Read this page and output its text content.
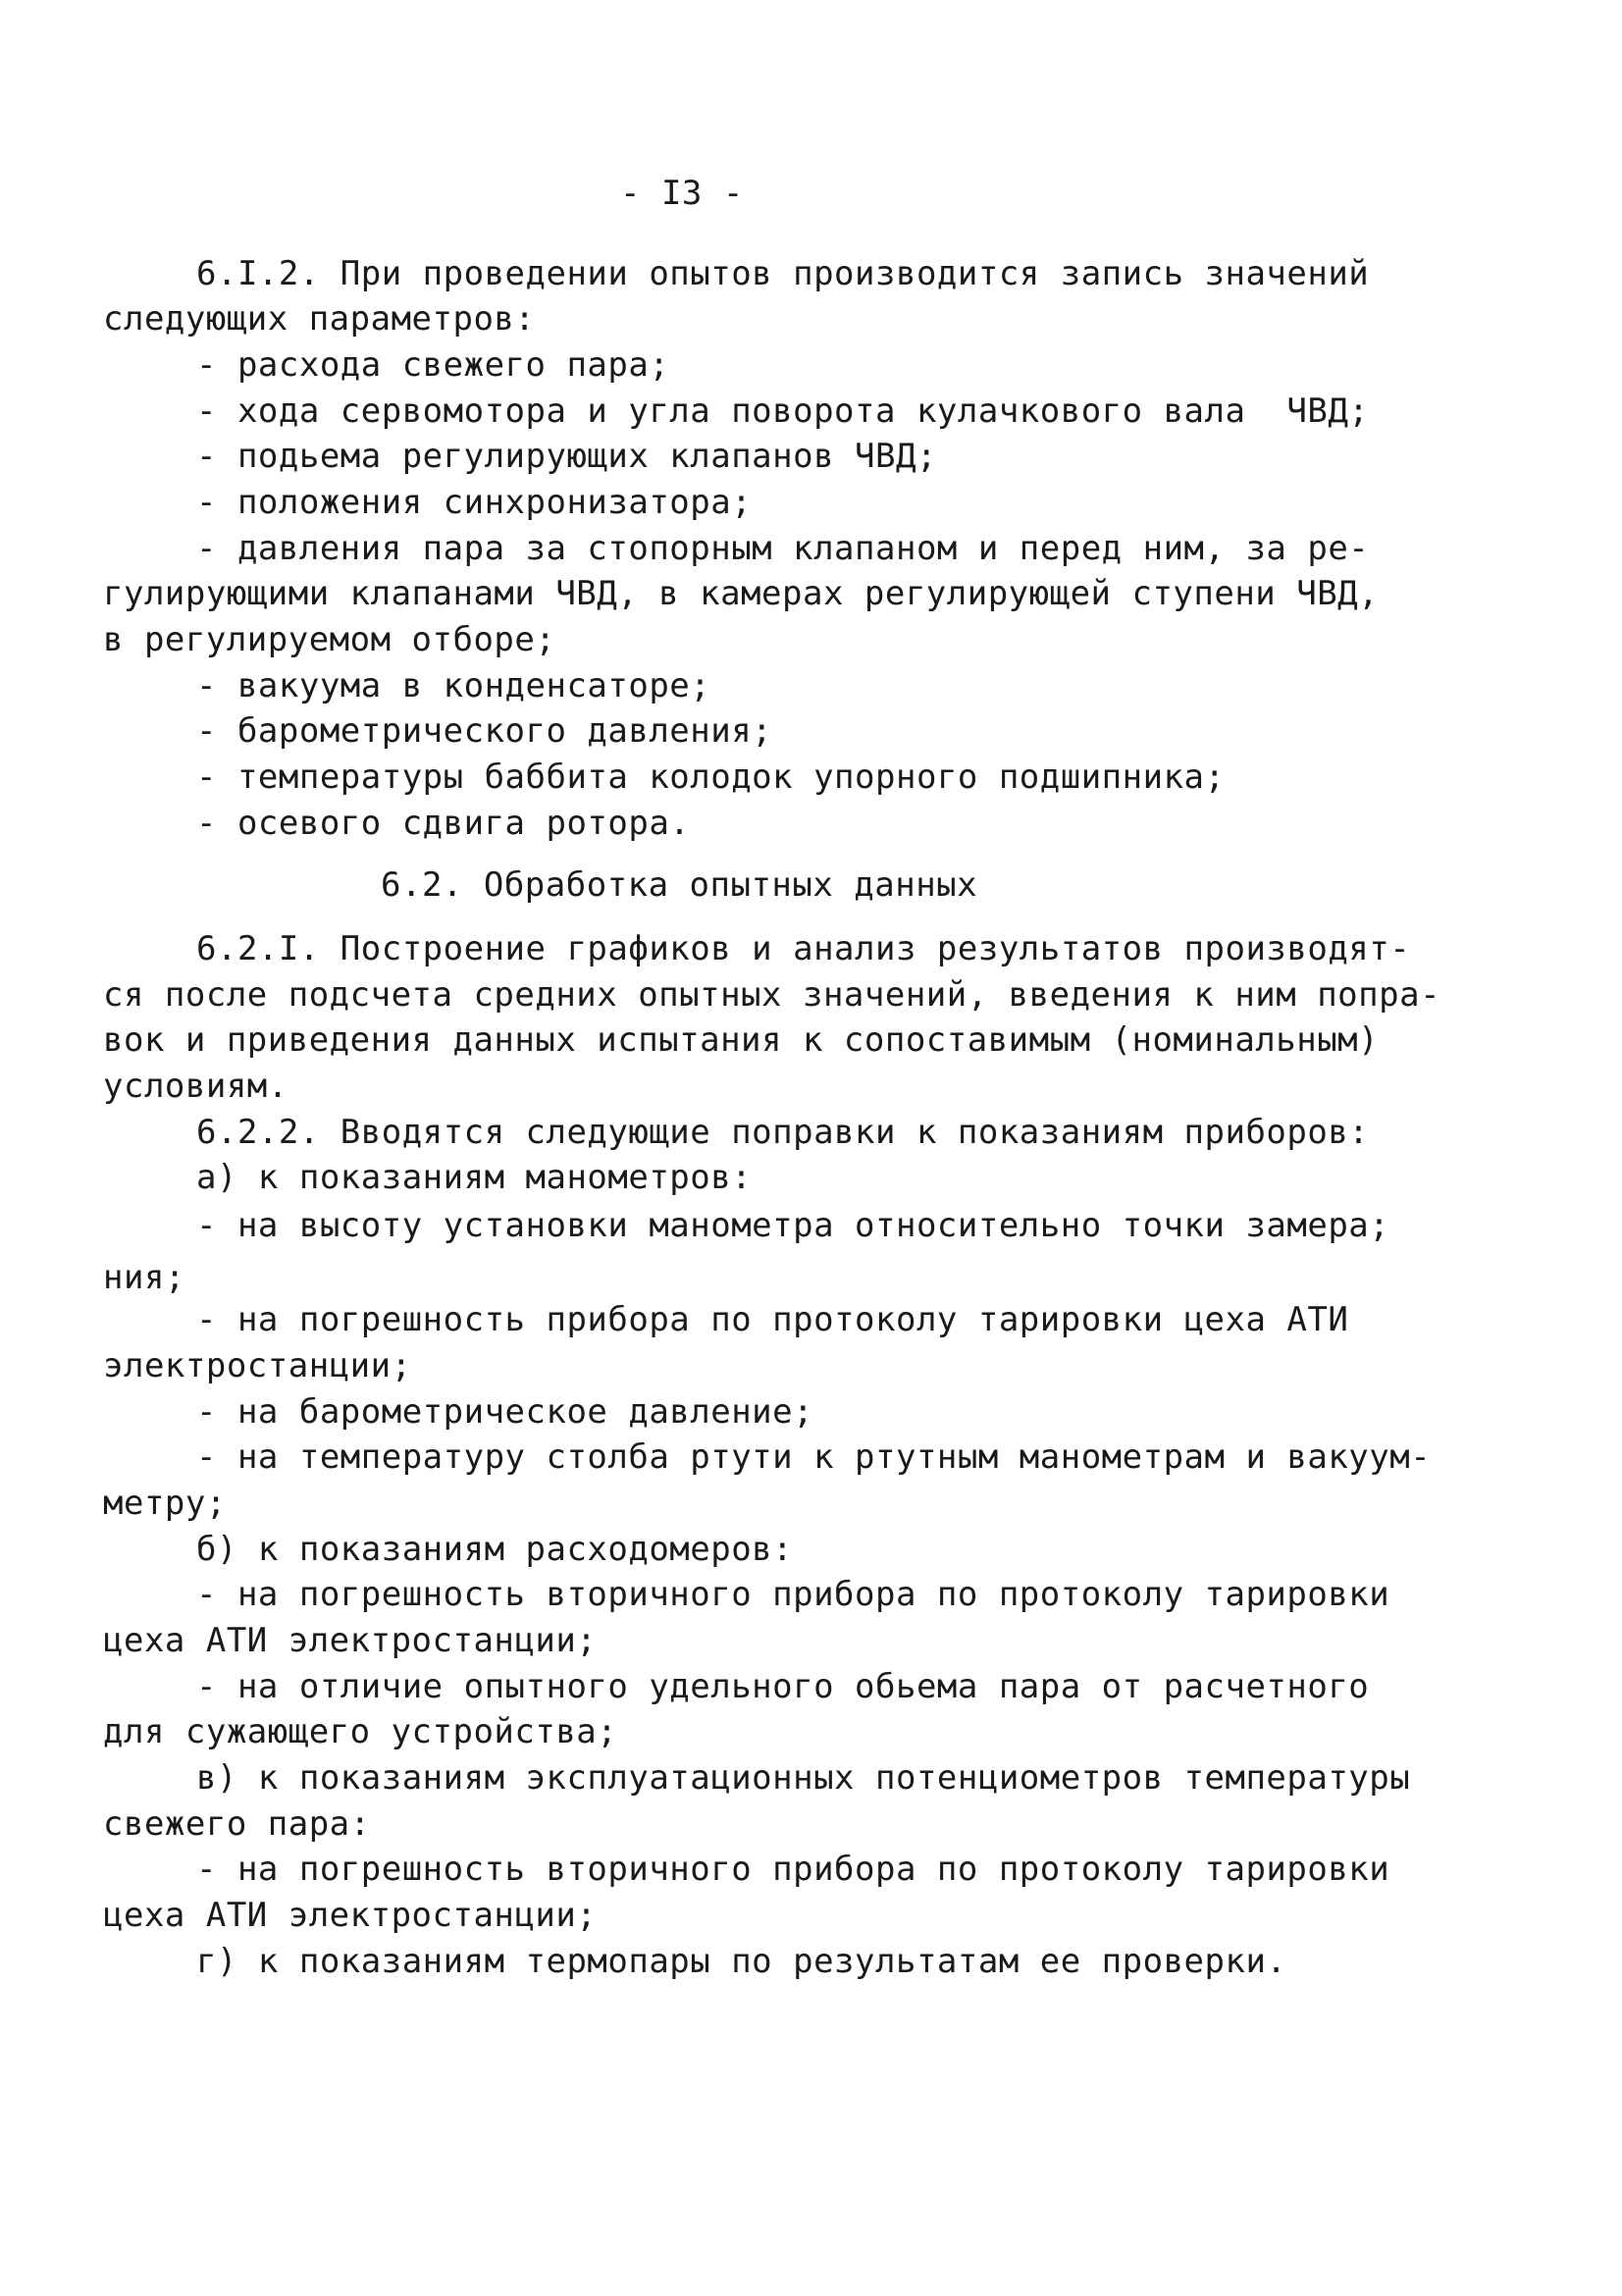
- I3 -
6.I.2. При проведении опытов производится запись значений
следующих параметров:
- расхода свежего пара;
- хода сервомотора и угла поворота кулачкового вала  ЧВД;
- подьема регулирующих клапанов ЧВД;
- положения синхронизатора;
- давления пара за стопорным клапаном и перед ним, за ре-
гулирующими клапанами ЧВД, в камерах регулирующей ступени ЧВД,
в регулируемом отборе;
- вакуума в конденсаторе;
- барометрического давления;
- температуры баббита колодок упорного подшипника;
- осевого сдвига ротора.
6.2. Обработка опытных данных
6.2.I. Построение графиков и анализ результатов производят-
ся после подсчета средних опытных значений, введения к ним попра-
вок и приведения данных испытания к сопоставимым (номинальным)
условиям.
6.2.2. Вводятся следующие поправки к показаниям приборов:
а) к показаниям манометров:
- на высоту установки манометра относительно точки замера;
ния;
- на погрешность прибора по протоколу тарировки цеха АТИ
электростанции;
- на барометрическое давление;
- на температуру столба ртути к ртутным манометрам и вакуум-
метру;
б) к показаниям расходомеров:
- на погрешность вторичного прибора по протоколу тарировки
цеха АТИ электростанции;
- на отличие опытного удельного обьема пара от расчетного
для сужающего устройства;
в) к показаниям эксплуатационных потенциометров температуры
свежего пара:
- на погрешность вторичного прибора по протоколу тарировки
цеха АТИ электростанции;
г) к показаниям термопары по результатам ее проверки.
